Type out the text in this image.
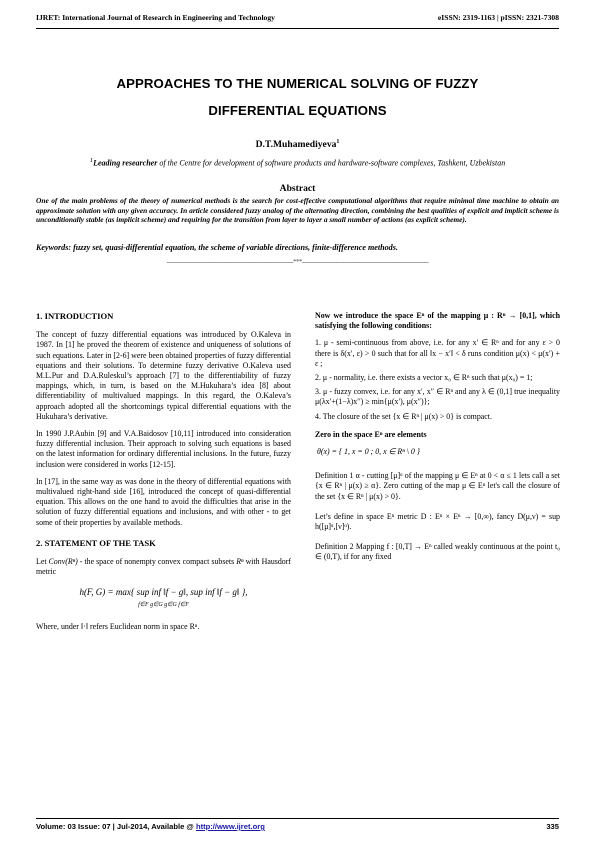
IJRET: International Journal of Research in Engineering and Technology	eISSN: 2319-1163 | pISSN: 2321-7308
APPROACHES TO THE NUMERICAL SOLVING OF FUZZY
DIFFERENTIAL EQUATIONS
D.T.Muhamediyeva$^1$
$^1$Leading researcher of the Centre for development of software products and hardware-software complexes, Tashkent, Uzbekistan
Abstract
One of the main problems of the theory of numerical methods is the search for cost-effective computational algorithms that require minimal time machine to obtain an approximate solution with any given accuracy. In article considered fuzzy analog of the alternating direction, combining the best qualities of explicit and implicit scheme is unconditionally stable (as implicit scheme) and requiring for the transition from layer to layer a small number of actions (as explicit scheme).
Keywords: fuzzy set, quasi-differential equation, the scheme of variable directions, finite-difference methods.
---------------------------------------------------------------------***---------------------------------------------------------------------

1. INTRODUCTION

The concept of fuzzy differential equations was introduced by O.Kaleva in 1987. In [1] he proved the theorem of existence and uniqueness of solutions of such equations. Later in [2-6] were been obtained properties of fuzzy differential equations and their solutions. To determine fuzzy derivative O.Kaleva used M.L.Pur and D.A.Ruleskul’s approach [7] to the differentiability of fuzzy mappings, which, in turn, is based on the M.Hukuhara’s idea [8] about differentiability of multivalued mappings. In this regard, the O.Kaleva’s approach adopted all the shortcomings typical differential equations with the Hukuhara’s derivative.

In 1990 J.P.Aubin [9] and V.A.Baidosov [10,11] introduced into consideration fuzzy differential inclusion. Their approach to solving such equations is based on the latest information for ordinary differential inclusions. In the future, fuzzy inclusion were considered in works [12-15].

In [17], in the same way as was done in the theory of differential equations with multivalued right-hand side [16], introduced the concept of quasi-differential equation. This allows on the one hand to avoid the difficulties that arise in the solution of fuzzy differential equations and inclusions, and with other - to get some of their properties by available methods.

2. STATEMENT OF THE TASK

Let Conv(Rⁿ) - the space of nonempty convex compact subsets Rⁿ with Hausdorf metric

h(F, G) = max{ sup inf ‖f − g‖, sup inf ‖f − g‖ },
f∈F g∈G g∈G f∈F

Where, under ‖·‖ refers Euclidean norm in space Rⁿ.

Now we introduce the space Eⁿ of the mapping μ : Rⁿ → [0,1], which satisfying the following conditions:

1. μ - semi-continuous from above, i.e. for any x′ ∈ Rⁿ and for any ε > 0 there is δ(x′, ε) > 0 such that for all ‖x − x′‖ < δ runs condition μ(x) < μ(x′) + ε ;

2. μ - normality, i.e. there exists a vector x₀ ∈ Rⁿ such that μ(x₀) = 1;

3. μ - fuzzy convex, i.e. for any x′, x′′ ∈ Rⁿ and any λ ∈ (0,1] true inequality μ(λx′+(1−λ)x′′) ≥ min{μ(x′), μ(x′′)};

4. The closure of the set {x ∈ Rⁿ | μ(x) > 0} is compact.

Zero in the space Eⁿ are elements

θ(x) = { 1, x = 0 ; 0, x ∈ Rⁿ \ 0 }

Definition 1 α - cutting [μ]ᵅ of the mapping μ ∈ Eⁿ at 0 < α ≤ 1 lets call a set {x ∈ Rⁿ | μ(x) ≥ α}. Zero cutting of the map μ ∈ Eⁿ let's call the closure of the set {x ∈ Rⁿ | μ(x) > 0}.

Let’s define in space Eⁿ metric D : Eⁿ × Eⁿ → [0,∞), fancy D(μ,ν) = sup h([μ]ᵅ,[ν]ᵅ).

Definition 2 Mapping f : [0,T] → Eⁿ called weakly continuous at the point t₀ ∈ (0,T), if for any fixed

Volume: 03 Issue: 07 | Jul-2014, Available @ http://www.ijret.org	335
